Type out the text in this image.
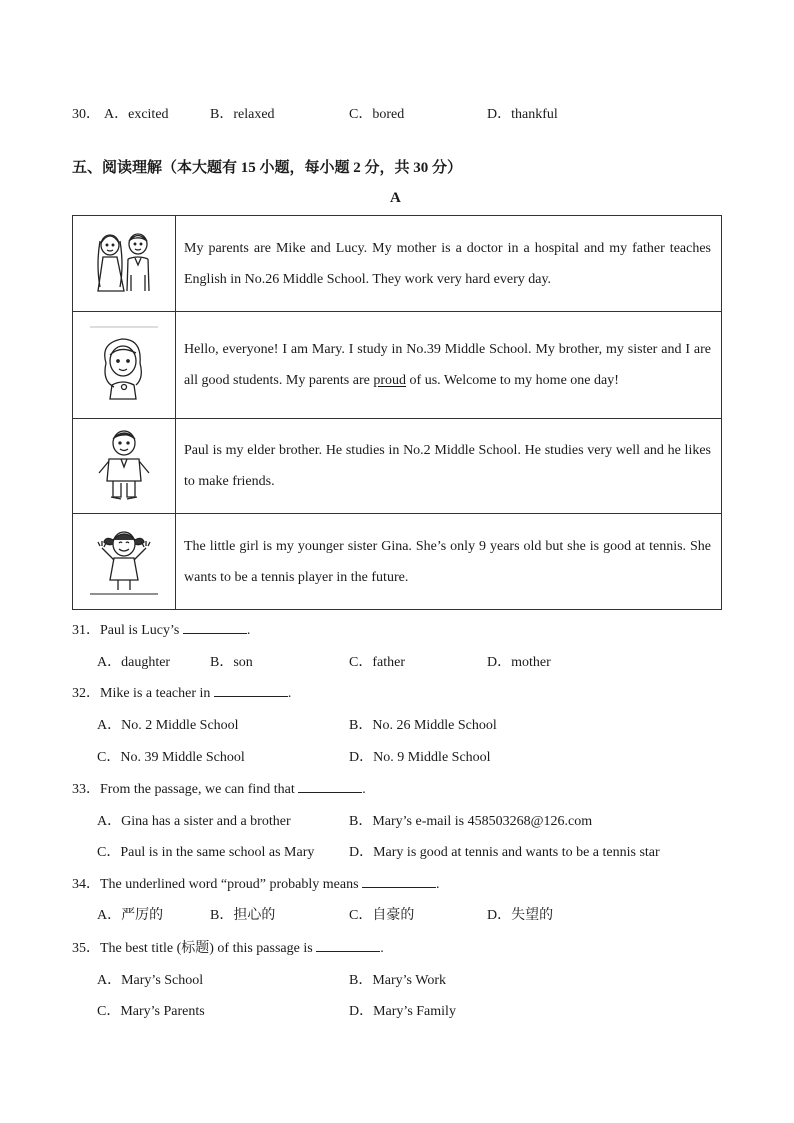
30． A．excited	B．relaxed	C．bored	D．thankful
五、阅读理解（本大题有 15 小题，每小题 2 分，共 30 分）
A
	My parents are Mike and Lucy. My mother is a doctor in a hospital and my father teaches English in No.26 Middle School. They work very hard every day.
	Hello, everyone! I am Mary. I study in No.39 Middle School. My brother, my sister and I are all good students. My parents are proud of us. Welcome to my home one day!
	Paul is my elder brother. He studies in No.2 Middle School. He studies very well and he likes to make friends.
	The little girl is my younger sister Gina. She’s only 9 years old but she is good at tennis. She wants to be a tennis player in the future.
31．Paul is Lucy’s	.
A．daughter	B．son	C．father	D．mother
32．Mike is a teacher in	.
A．No. 2 Middle School	B．No. 26 Middle School
C．No. 39 Middle School	D．No. 9 Middle School
33．From the passage, we can find that	.
A．Gina has a sister and a brother	B．Mary’s e-mail is 458503268@126.com
C．Paul is in the same school as Mary D．Mary is good at tennis and wants to be a tennis star
34．The underlined word “proud” probably means	.
A．严厉的	B．担心的	C．自豪的	D．失望的
35．The best title (标题) of this passage is	.
A．Mary’s School	B．Mary’s Work
C．Mary’s Parents	D．Mary’s Family
